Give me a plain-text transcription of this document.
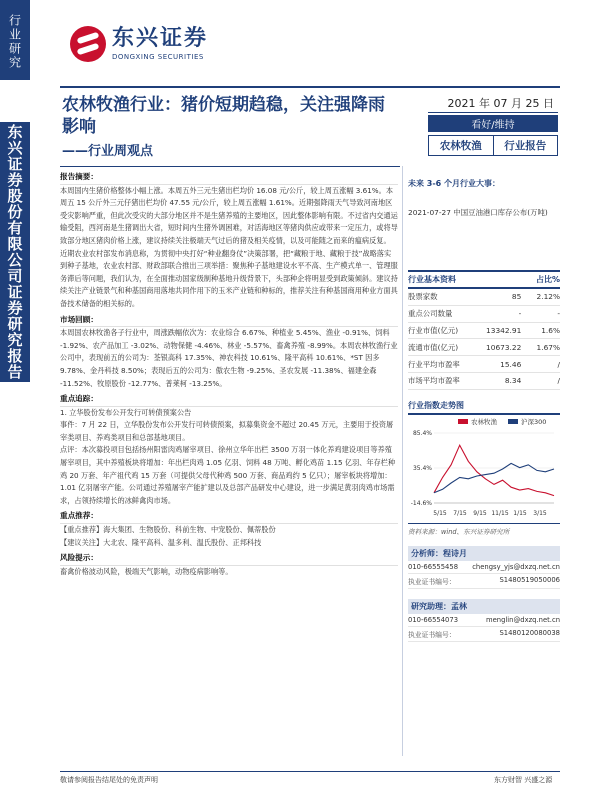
行业研究
东兴证券股份有限公司证券研究报告
东兴证券
DONGXING SECURITIES
农林牧渔行业：猪价短期趋稳，关注强降雨影响
——行业周观点
2021 年 07 月 25 日
看好/维持
农林牧渔	行业报告
报告摘要：
本周国内生猪价格整体小幅上涨。本周五外三元生猪出栏均价 16.08 元/公斤，较上周五涨幅 3.61%。本周五 15 公斤外三元仔猪出栏均价 47.55 元/公斤，较上周五涨幅 1.61%。近期强降雨天气导致河南地区受灾影响严重，但此次受灾的大部分地区并不是生猪养殖的主要地区，因此整体影响有限。不过省内交通运输受阻，西河南是生猪调出大省，短时间内生猪外调困难，对活海地区等猪肉供应或带来一定压力，或将导致部分地区猪肉价格上涨，建议持续关注极端天气过后的猪及相关疫情，以及可能随之而来的瘟病反复。
近期农业农村部发布消息称，为贯彻中央打好“种业翻身仗”决策部署，把“藏粮于地、藏粮于技”战略落实到种子基地，农业农村部、财政部联合推出三项举措：聚焦种子基地建设水平不高、生产模式单一、管理服务滞后等问题，我们认为，在全面推动国家级制种基地升级背景下，头部种企将明显受到政策倾斜。建议持续关注产业链景气和种基国商用落地共同作用下的玉米产业链和种标的，推荐关注有种基国商用种业方面具备技术储备的相关标的。
市场回顾：
本周国农林牧渔各子行业中，周涨跌幅依次为：农业综合 6.67%、种植业 5.45%、渔业 -0.91%、饲料 -1.92%、农产品加工 -3.02%、动物保健 -4.46%、林业 -5.57%、畜禽养殖 -8.99%。本周农林牧渔行业公司中，表现前五的公司为：荃银高科 17.35%、神农科技 10.61%、隆平高科 10.61%、*ST 因多 9.78%、金丹科技 8.50%；表现后五的公司为：傲农生物 -9.25%、圣农发展 -11.38%、福建金森 -11.52%、牧原股份 -12.77%、普莱柯 -13.25%。
重点追踪：
1. 立华股份发布公开发行可转债预案公告
事件：7 月 22 日，立华股份发布公开发行可转债预案，拟募集资金不超过 20.45 万元，主要用于投资屠宰类项目、养鸡类项目和总部基地项目。
点评：本次募投项目包括扬州阳雷肉鸡屠宰项目、徐州立华年出栏 3500 万羽一体化养鸡建设项目等养殖屠宰项目，其中养殖板块将增加：年出栏肉鸡 1.05 亿羽、饲料 48 万吨、孵化鸡苗 1.15 亿羽、年存栏种鸡 20 万套、年产祖代鸡 15 万套（可提供父母代种鸡 500 万套、商品鸡约 5 亿只）；屠宰板块将增加：1.01 亿羽屠宰产能。公司通过养殖屠宰产能扩建以及总部产品研发中心建设，进一步满足黄羽肉鸡市场需求，占领持续增长的冰鲜禽肉市场。
重点推荐：
【重点推荐】海大集团、生物股份、科前生物、中宠股份、佩蒂股份
【建议关注】大北农、隆平高科、温多利、温氏股份、正邦科技
风险提示：
畜禽价格波动风险，极端天气影响，动物疫病影响等。
未来 3-6 个月行业大事：
2021-07-27 中国豆油港口库存公布(万吨)
行业基本资料		占比%
股票家数	85	2.12%
重点公司数量	-	-
行业市值(亿元)	13342.91	1.6%
流通市值(亿元)	10673.22	1.67%
行业平均市盈率	15.46	/
市场平均市盈率	8.34	/
行业指数走势图
农林牧渔	沪深300
85.4%
35.4%
-14.6%
5/15 7/15 9/15 11/15 1/15 3/15
资料来源：wind、东兴证券研究所
分析师：程诗月
010-66555458 chengsy_yjs@dxzq.net.cn
执业证书编号：	S1480519050006
研究助理：孟林
010-66554073	menglin@dxzq.net.cn
执业证书编号：	S1480120080038
敬请参阅报告结尾处的免责声明	东方财智 兴盛之源
